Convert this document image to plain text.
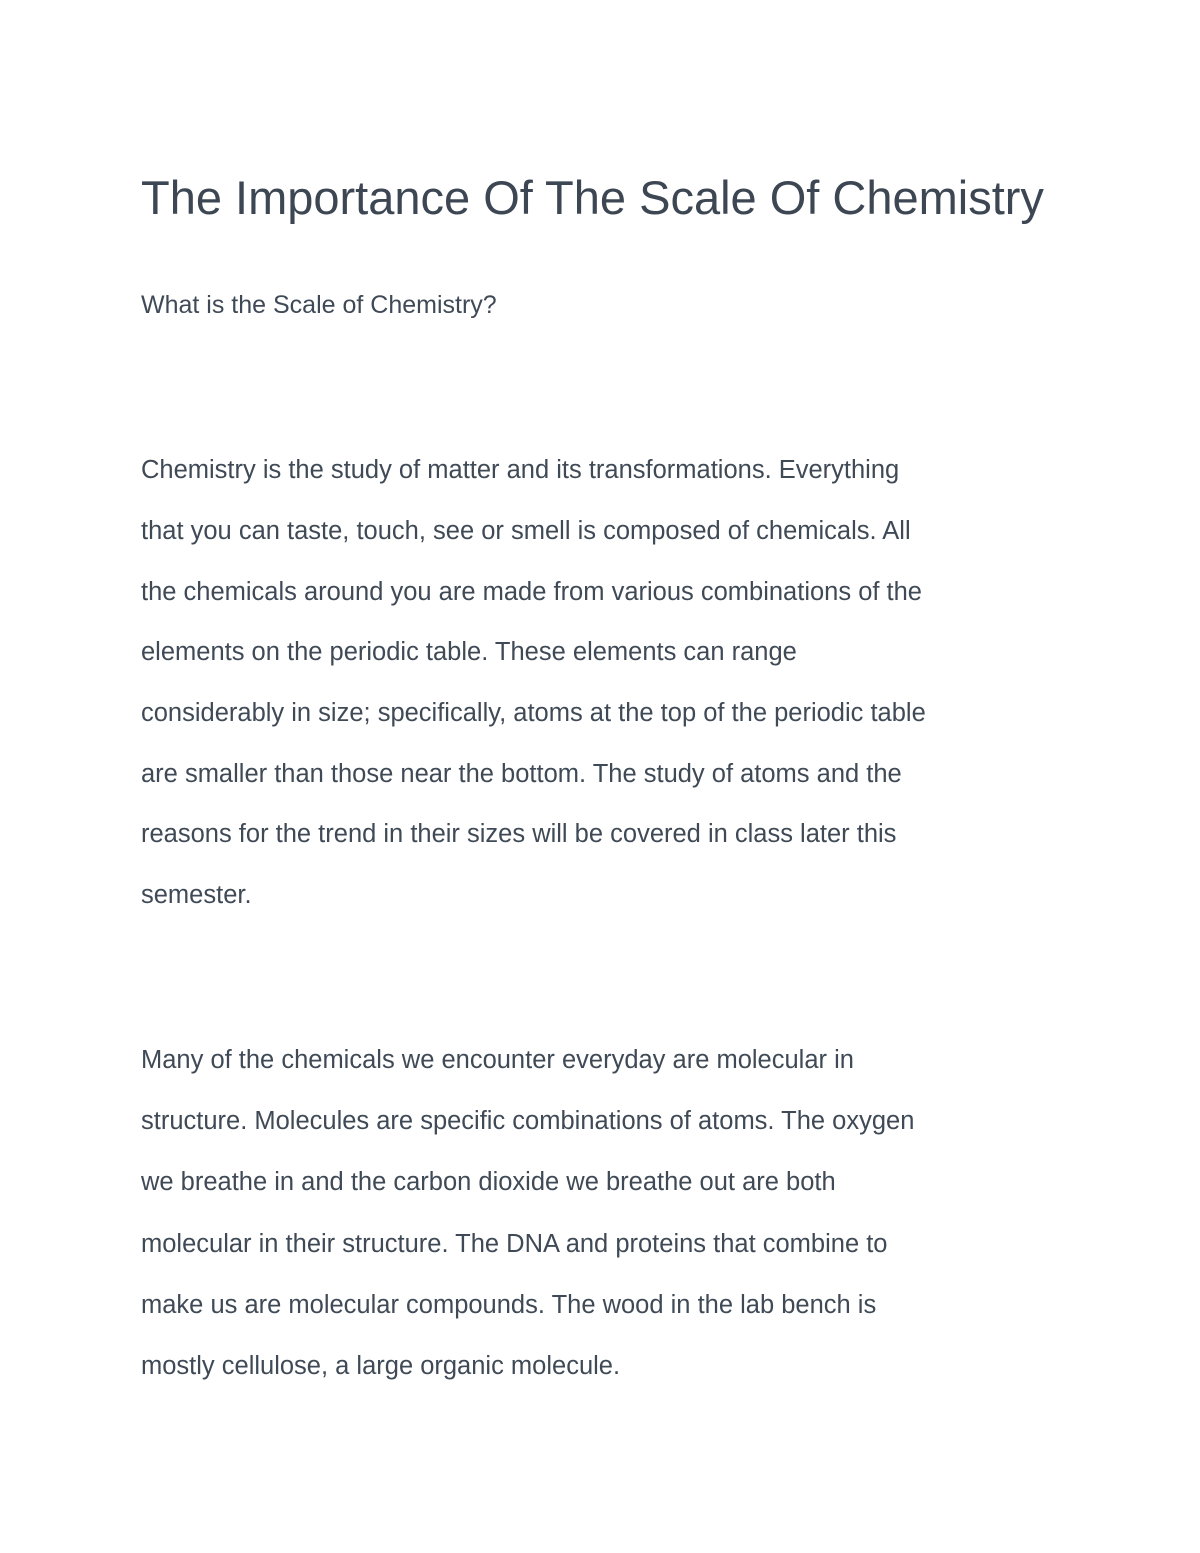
The Importance Of The Scale Of Chemistry
What is the Scale of Chemistry?

Chemistry is the study of matter and its transformations. Everything

that you can taste, touch, see or smell is composed of chemicals. All

the chemicals around you are made from various combinations of the

elements on the periodic table. These elements can range

considerably in size; specifically, atoms at the top of the periodic table

are smaller than those near the bottom. The study of atoms and the

reasons for the trend in their sizes will be covered in class later this

semester.

Many of the chemicals we encounter everyday are molecular in

structure. Molecules are specific combinations of atoms. The oxygen

we breathe in and the carbon dioxide we breathe out are both

molecular in their structure. The DNA and proteins that combine to

make us are molecular compounds. The wood in the lab bench is

mostly cellulose, a large organic molecule.
